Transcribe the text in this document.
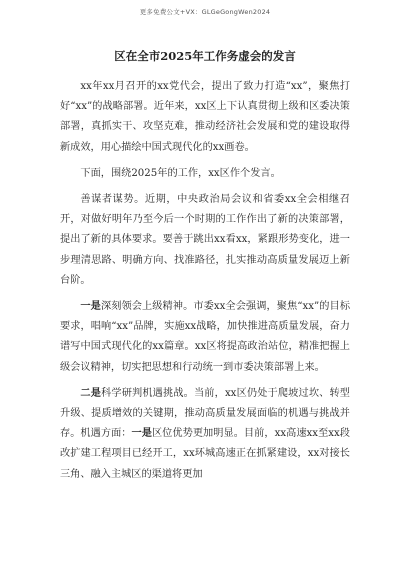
更多免费公文+VX：GLGeGongWen2024
区在全市2025年工作务虚会的发言

xx年xx月召开的xx党代会，提出了致力打造“xx”，聚焦打好“xx”的战略部署。近年来，xx区上下认真贯彻上级和区委决策部署，真抓实干、攻坚克难，推动经济社会发展和党的建设取得新成效，用心描绘中国式现代化的xx画卷。

下面，围绕2025年的工作，xx区作个发言。

善谋者谋势。近期，中央政治局会议和省委xx全会相继召开，对做好明年乃至今后一个时期的工作作出了新的决策部署，提出了新的具体要求。要善于跳出xx看xx，紧跟形势变化，进一步理清思路、明确方向、找准路径，扎实推动高质量发展迈上新台阶。

一是深刻领会上级精神。市委xx全会强调，聚焦“xx”的目标要求，唱响“xx”品牌，实施xx战略，加快推进高质量发展，奋力谱写中国式现代化的xx篇章。xx区将提高政治站位，精准把握上级会议精神，切实把思想和行动统一到市委决策部署上来。

二是科学研判机遇挑战。当前，xx区仍处于爬坡过坎、转型升级、提质增效的关键期，推动高质量发展面临的机遇与挑战并存。机遇方面：一是区位优势更加明显。目前，xx高速xx至xx段改扩建工程项目已经开工，xx环城高速正在抓紧建设，xx对接长三角、融入主城区的渠道将更加
